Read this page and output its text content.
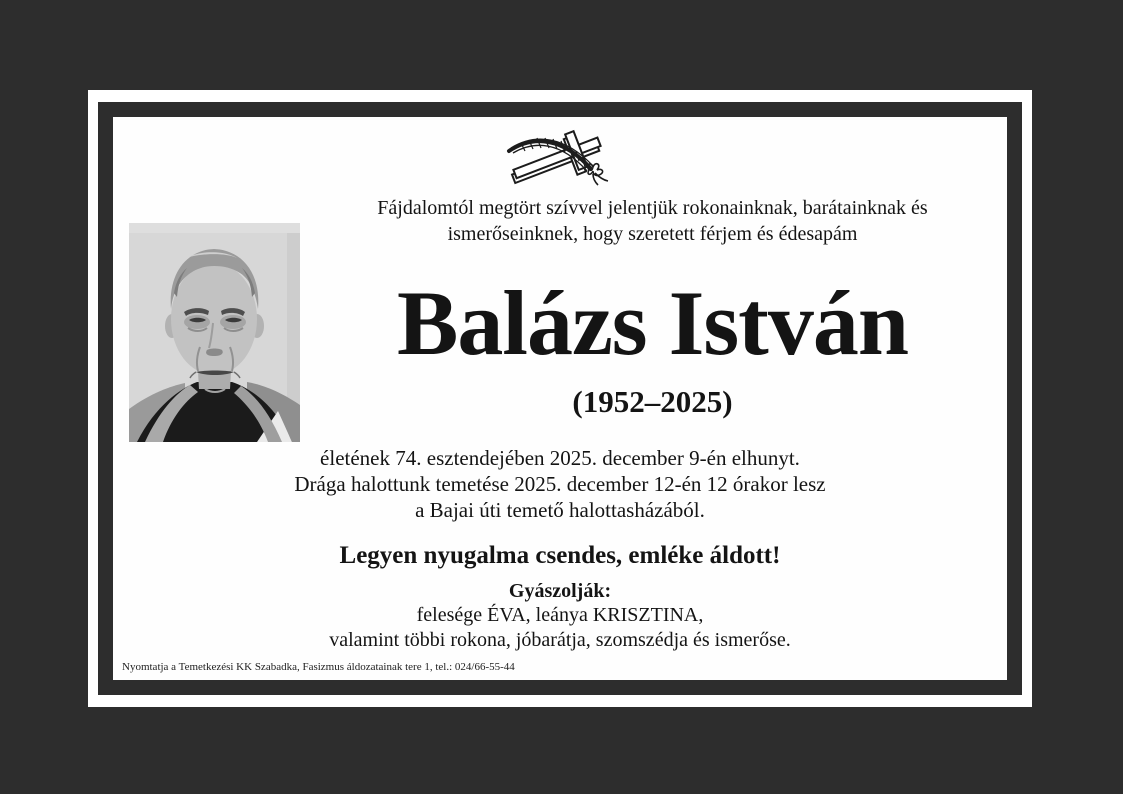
Fájdalomtól megtört szívvel jelentjük rokonainknak, barátainknak és
ismerőseinknek, hogy szeretett férjem és édesapám
Balázs István
(1952–2025)
életének 74. esztendejében 2025. december 9-én elhunyt.
Drága halottunk temetése 2025. december 12-én 12 órakor lesz
a Bajai úti temető halottasházából.
Legyen nyugalma csendes, emléke áldott!
Gyászolják:
felesége ÉVA, leánya KRISZTINA,
valamint többi rokona, jóbarátja, szomszédja és ismerőse.
Nyomtatja a Temetkezési KK Szabadka, Fasizmus áldozatainak tere 1, tel.: 024/66-55-44
